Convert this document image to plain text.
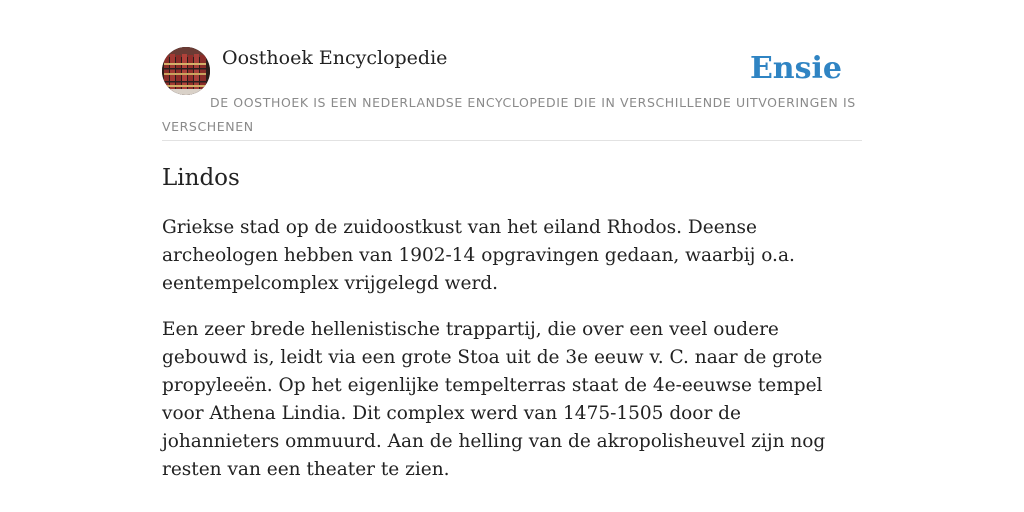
Oosthoek Encyclopedie	Ensie
DE OOSTHOEK IS EEN NEDERLANDSE ENCYCLOPEDIE DIE IN VERSCHILLENDE UITVOERINGEN IS VERSCHENEN
Lindos

Griekse stad op de zuidoostkust van het eiland Rhodos. Deense archeologen hebben van 1902-14 opgravingen gedaan, waarbij o.a. eentempelcomplex vrijgelegd werd.

Een zeer brede hellenistische trappartij, die over een veel oudere gebouwd is, leidt via een grote Stoa uit de 3e eeuw v. C. naar de grote propyleeën. Op het eigenlijke tempelterras staat de 4e-eeuwse tempel voor Athena Lindia. Dit complex werd van 1475-1505 door de johannieters ommuurd. Aan de helling van de akropolisheuvel zijn nog resten van een theater te zien.
